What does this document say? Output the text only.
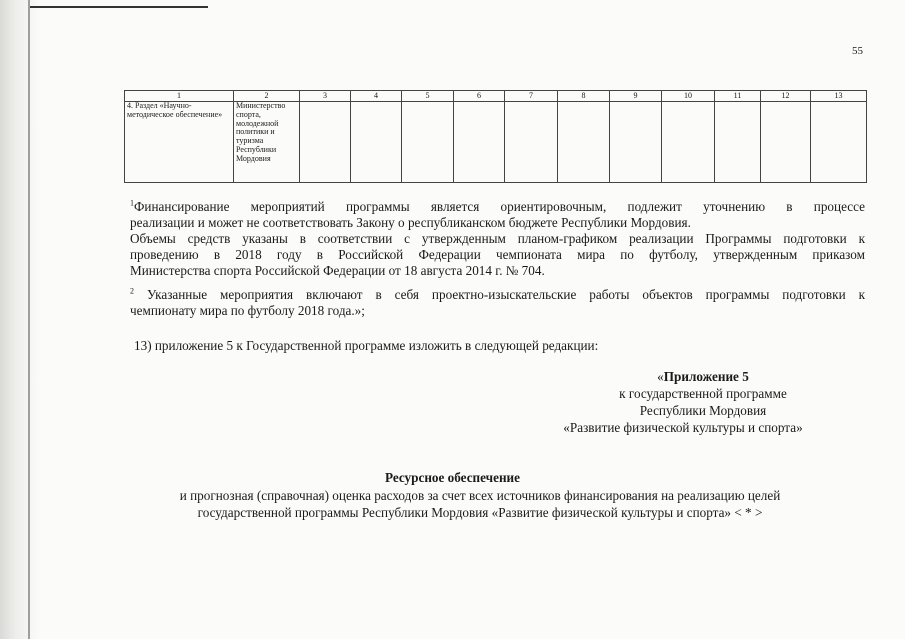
55
1	2	3	4	5	6	7	8	9	10	11	12	13
4. Раздел «Научно-методическое обеспечение»	Министерство спорта, молодежной политики и туризма Республики Мордовия											
$^1$Финансирование мероприятий программы является ориентировочным, подлежит уточнению в процессе
реализации и может не соответствовать Закону о республиканском бюджете Республики Мордовия.
Объемы средств указаны в соответствии с утвержденным планом-графиком реализации Программы подготовки к
проведению в 2018 году в Российской Федерации чемпионата мира по футболу, утвержденным приказом
Министерства спорта Российской Федерации от 18 августа 2014 г. № 704.
$^2$ Указанные мероприятия включают в себя проектно-изыскательские работы объектов программы подготовки к
чемпионату мира по футболу 2018 года.»;
13) приложение 5 к Государственной программе изложить в следующей редакции:
«Приложение 5
к государственной программе
Республики Мордовия
«Развитие физической культуры и спорта»
Ресурсное обеспечение
и прогнозная (справочная) оценка расходов за счет всех источников финансирования на реализацию целей
государственной программы Республики Мордовия «Развитие физической культуры и спорта» < * >
